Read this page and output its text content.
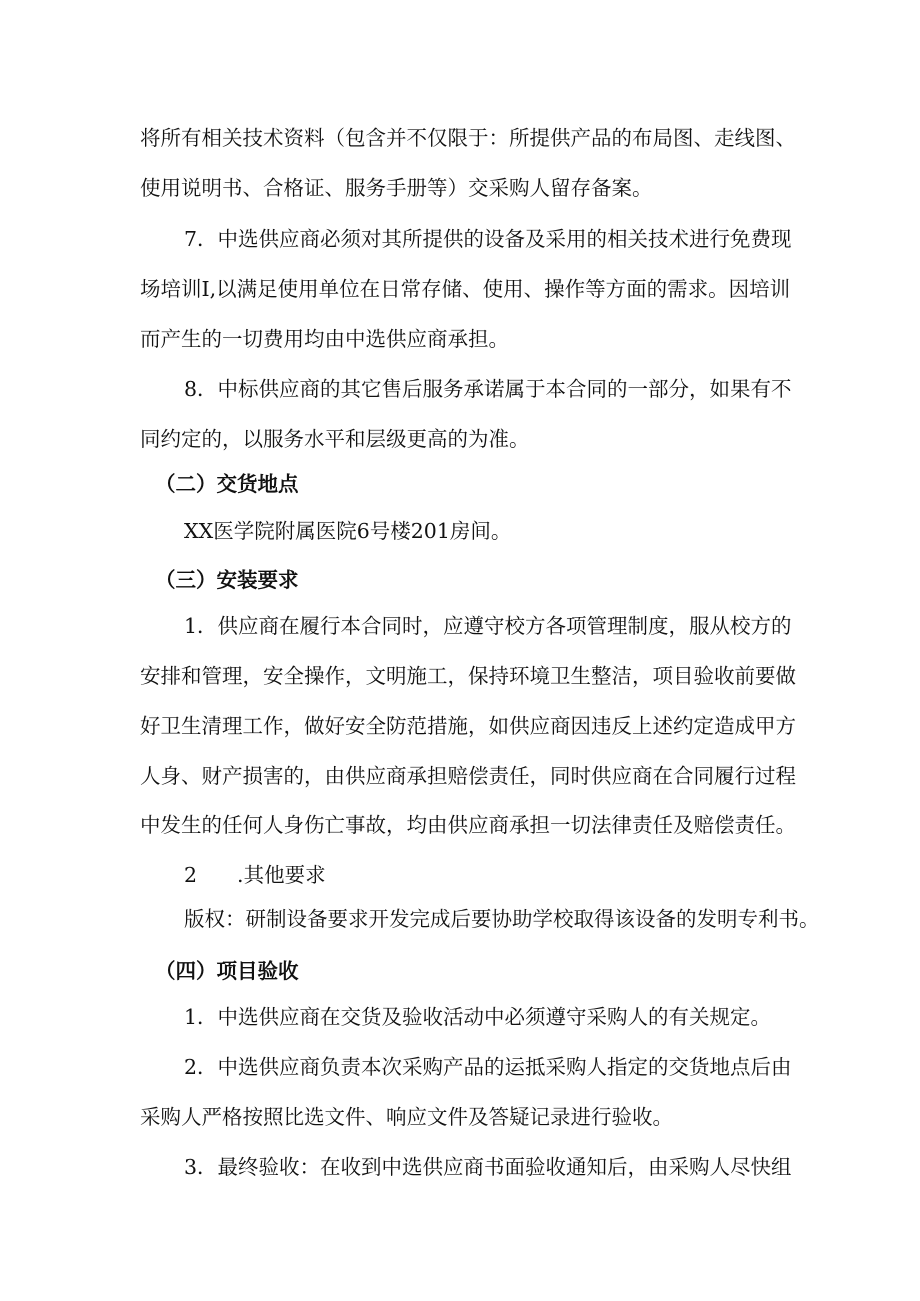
将所有相关技术资料（包含并不仅限于：所提供产品的布局图、走线图、
使用说明书、合格证、服务手册等）交采购人留存备案。
7．中选供应商必须对其所提供的设备及采用的相关技术进行免费现
场培训I,以满足使用单位在日常存储、使用、操作等方面的需求。因培训
而产生的一切费用均由中选供应商承担。
8．中标供应商的其它售后服务承诺属于本合同的一部分，如果有不
同约定的，以服务水平和层级更高的为准。
（二）交货地点
XX医学院附属医院6号楼201房间。
（三）安装要求
1．供应商在履行本合同时，应遵守校方各项管理制度，服从校方的
安排和管理，安全操作，文明施工，保持环境卫生整洁，项目验收前要做
好卫生清理工作，做好安全防范措施，如供应商因违反上述约定造成甲方
人身、财产损害的，由供应商承担赔偿责任，同时供应商在合同履行过程
中发生的任何人身伤亡事故，均由供应商承担一切法律责任及赔偿责任。
2 .其他要求
版权：研制设备要求开发完成后要协助学校取得该设备的发明专利书。
（四）项目验收
1．中选供应商在交货及验收活动中必须遵守采购人的有关规定。
2．中选供应商负责本次采购产品的运抵采购人指定的交货地点后由
采购人严格按照比选文件、响应文件及答疑记录进行验收。
3．最终验收：在收到中选供应商书面验收通知后，由采购人尽快组
